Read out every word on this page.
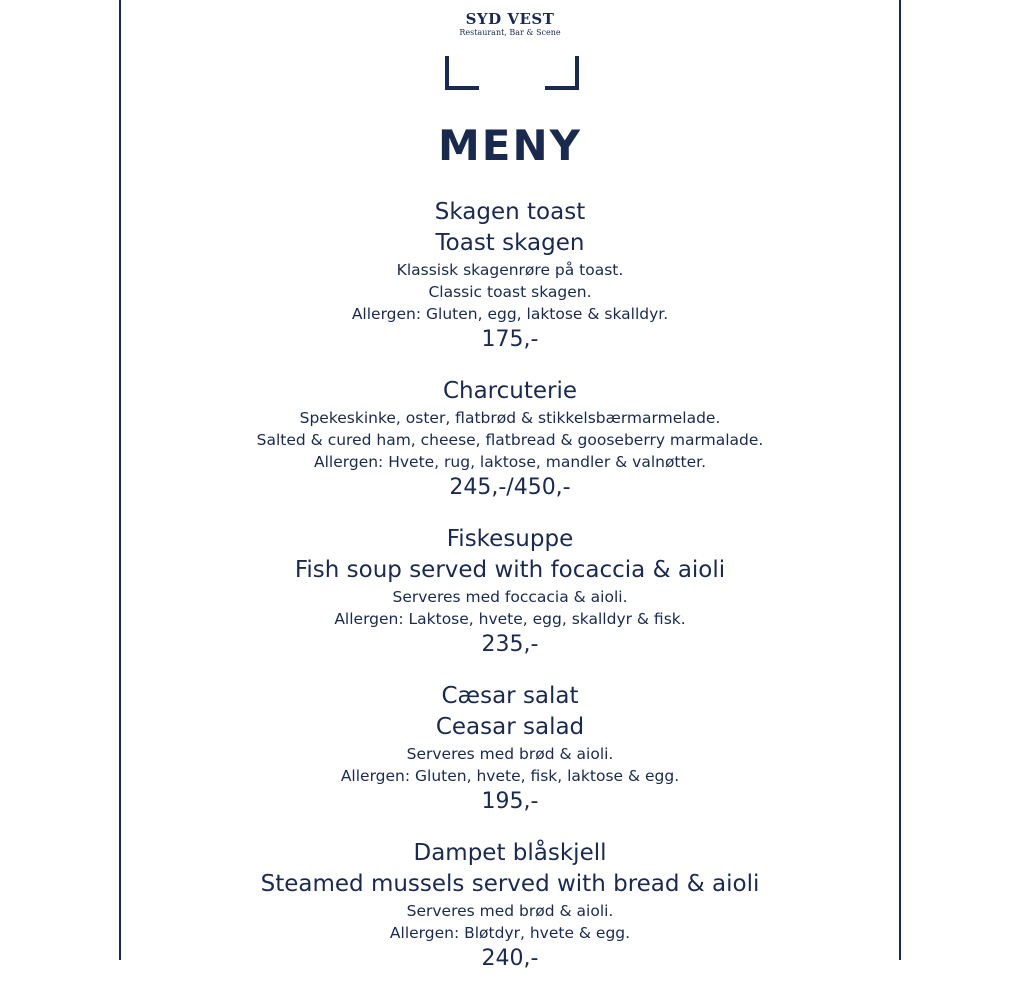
SYD VEST
Restaurant, Bar & Scene
MENY
Skagen toast
Toast skagen
Klassisk skagenrøre på toast.
Classic toast skagen.
Allergen: Gluten, egg, laktose & skalldyr.
175,-
Charcuterie
Spekeskinke, oster, flatbrød & stikkelsbærmarmelade.
Salted & cured ham, cheese, flatbread & gooseberry marmalade.
Allergen: Hvete, rug, laktose, mandler & valnøtter.
245,-/450,-
Fiskesuppe
Fish soup served with focaccia & aioli
Serveres med foccacia & aioli.
Allergen: Laktose, hvete, egg, skalldyr & fisk.
235,-
Cæsar salat
Ceasar salad
Serveres med brød & aioli.
Allergen: Gluten, hvete, fisk, laktose & egg.
195,-
Dampet blåskjell
Steamed mussels served with bread & aioli
Serveres med brød & aioli.
Allergen: Bløtdyr, hvete & egg.
240,-
